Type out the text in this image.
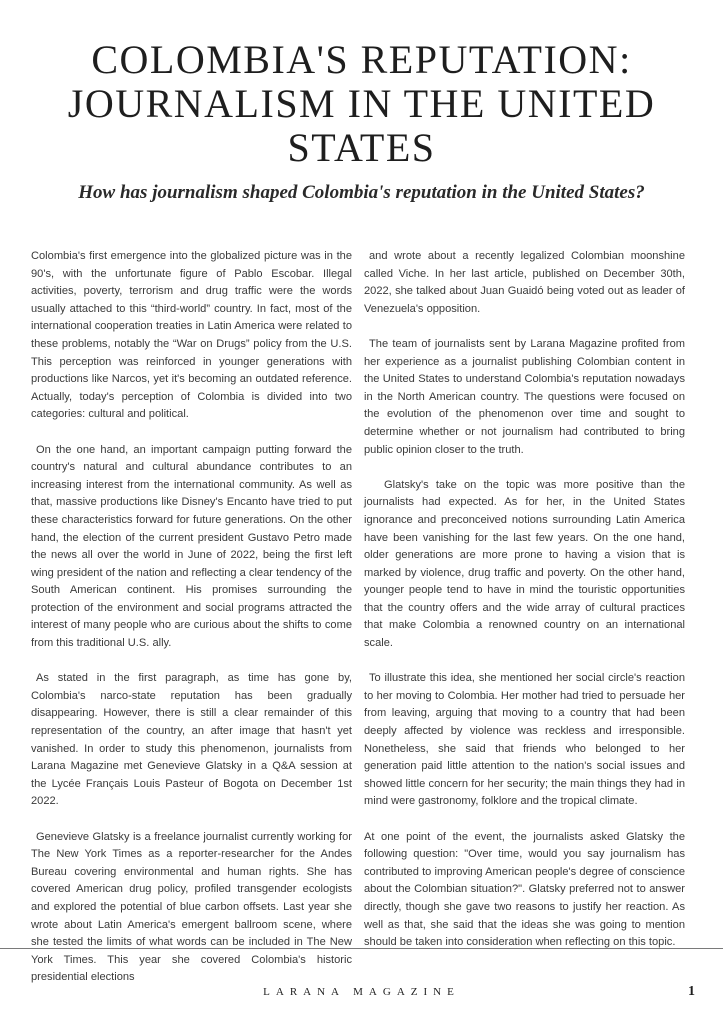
COLOMBIA'S REPUTATION:
JOURNALISM IN THE UNITED
STATES
How has journalism shaped Colombia's reputation in the United States?

Colombia's first emergence into the globalized picture was in the 90's, with the unfortunate figure of Pablo Escobar. Illegal activities, poverty, terrorism and drug traffic were the words usually attached to this “third-world” country. In fact, most of the international cooperation treaties in Latin America were related to these problems, notably the “War on Drugs” policy from the U.S. This perception was reinforced in younger generations with productions like Narcos, yet it's becoming an outdated reference. Actually, today's perception of Colombia is divided into two categories: cultural and political.

On the one hand, an important campaign putting forward the country's natural and cultural abundance contributes to an increasing interest from the international community. As well as that, massive productions like Disney's Encanto have tried to put these characteristics forward for future generations. On the other hand, the election of the current president Gustavo Petro made the news all over the world in June of 2022, being the first left wing president of the nation and reflecting a clear tendency of the South American continent. His promises surrounding the protection of the environment and social programs attracted the interest of many people who are curious about the shifts to come from this traditional U.S. ally.

As stated in the first paragraph, as time has gone by, Colombia's narco-state reputation has been gradually disappearing. However, there is still a clear remainder of this representation of the country, an after image that hasn't yet vanished. In order to study this phenomenon, journalists from Larana Magazine met Genevieve Glatsky in a Q&A session at the Lycée Français Louis Pasteur of Bogota on December 1st 2022.

Genevieve Glatsky is a freelance journalist currently working for The New York Times as a reporter-researcher for the Andes Bureau covering environmental and human rights. She has covered American drug policy, profiled transgender ecologists and explored the potential of blue carbon offsets. Last year she wrote about Latin America's emergent ballroom scene, where she tested the limits of what words can be included in The New York Times. This year she covered Colombia's historic presidential elections

and wrote about a recently legalized Colombian moonshine called Viche. In her last article, published on December 30th, 2022, she talked about Juan Guaidó being voted out as leader of Venezuela's opposition.

The team of journalists sent by Larana Magazine profited from her experience as a journalist publishing Colombian content in the United States to understand Colombia's reputation nowadays in the North American country. The questions were focused on the evolution of the phenomenon over time and sought to determine whether or not journalism had contributed to bring public opinion closer to the truth.

Glatsky's take on the topic was more positive than the journalists had expected. As for her, in the United States ignorance and preconceived notions surrounding Latin America have been vanishing for the last few years. On the one hand, older generations are more prone to having a vision that is marked by violence, drug traffic and poverty. On the other hand, younger people tend to have in mind the touristic opportunities that the country offers and the wide array of cultural practices that make Colombia a renowned country on an international scale.

To illustrate this idea, she mentioned her social circle's reaction to her moving to Colombia. Her mother had tried to persuade her from leaving, arguing that moving to a country that had been deeply affected by violence was reckless and irresponsible. Nonetheless, she said that friends who belonged to her generation paid little attention to the nation's social issues and showed little concern for her security; the main things they had in mind were gastronomy, folklore and the tropical climate.

At one point of the event, the journalists asked Glatsky the following question: "Over time, would you say journalism has contributed to improving American people's degree of conscience about the Colombian situation?". Glatsky preferred not to answer directly, though she gave two reasons to justify her reaction. As well as that, she said that the ideas she was going to mention should be taken into consideration when reflecting on this topic.

LARANA MAGAZINE	1
